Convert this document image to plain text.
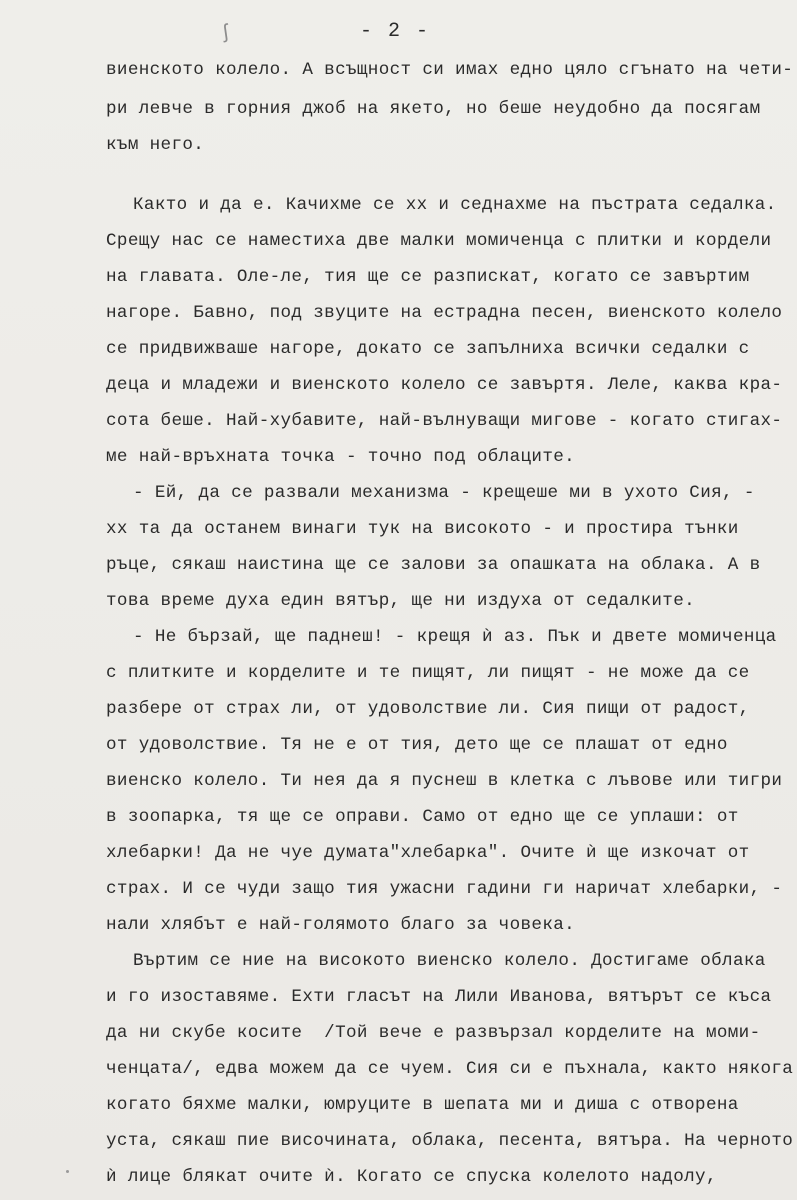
ʃ	- 2 -
виенското колело. А всъщност си имах едно цяло сгънато на чети-
ри левче в горния джоб на якето, но беше неудобно да посягам
към него.
Както и да е. Качихме се хх и седнахме на пъстрата седалка.
Срещу нас се наместиха две малки момиченца с плитки и кордели
на главата. Оле-ле, тия ще се разпискат, когато се завъртим
нагоре. Бавно, под звуците на естрадна песен, виенското колело
се придвижваше нагоре, докато се запълниха всички седалки с
деца и младежи и виенското колело се завъртя. Леле, каква кра-
сота беше. Най-хубавите, най-вълнуващи мигове - когато стигах-
ме най-връхната точка - точно под облаците.
- Ей, да се развали механизма - крещеше ми в ухото Сия, -
хх та да останем винаги тук на високото - и простира тънки
ръце, сякаш наистина ще се залови за опашката на облака. А в
това време духа един вятър, ще ни издуха от седалките.
- Не бързай, ще паднеш! - крещя ѝ аз. Пък и двете момиченца
с плитките и корделите и те пищят, ли пищят - не може да се
разбере от страх ли, от удоволствие ли. Сия пищи от радост,
от удоволствие. Тя не е от тия, дето ще се плашат от едно
виенско колело. Ти нея да я пуснеш в клетка с лъвове или тигри
в зоопарка, тя ще се оправи. Само от едно ще се уплаши: от
хлебарки! Да не чуе думата"хлебарка". Очите ѝ ще изкочат от
страх. И се чуди защо тия ужасни гадини ги наричат хлебарки, -
нали хлябът е най-голямото благо за човека.
Въртим се ние на високото виенско колело. Достигаме облака
и го изоставяме. Ехти гласът на Лили Иванова, вятърът се къса
да ни скубе косите  /Той вече е развързал корделите на моми-
ченцата/, едва можем да се чуем. Сия си е пъхнала, както някога
когато бяхме малки, юмруците в шепата ми и диша с отворена
уста, сякаш пие височината, облака, песента, вятъра. На черното
ѝ лице блякат очите ѝ. Когато се спуска колелото надолу,
